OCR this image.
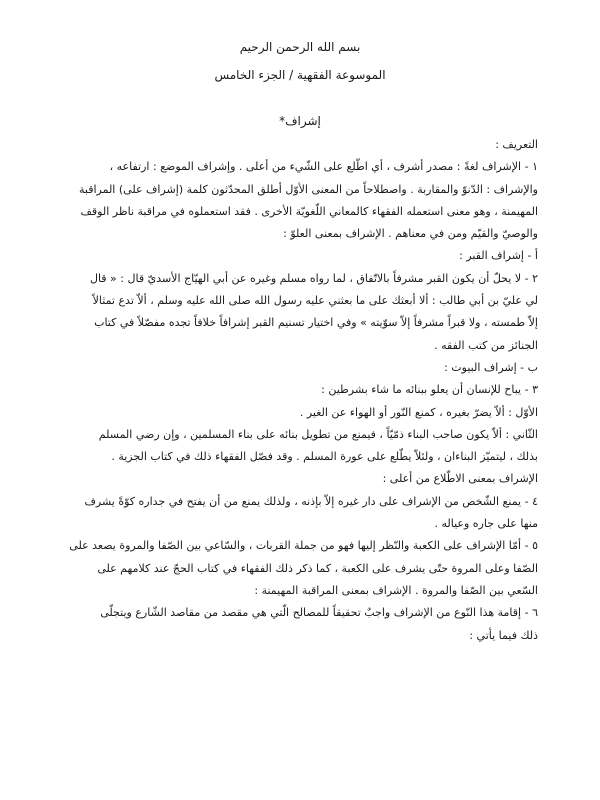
بسم الله الرحمن الرحيم
الموسوعة الفقهية / الجزء الخامس
إشراف*
التعريف :
١ - الإشراف لغةً : مصدر أشرف ، أي اطّلع على الشّيء من أعلى . وإشراف الموضع : ارتفاعه ،
والإشراف : الدّنوّ والمقاربة . واصطلاحاً من المعنى الأوّل أطلق المحدّثون كلمة (إشراف على) المراقبة
المهيمنة ، وهو معنى استعمله الفقهاء كالمعاني اللّغويّة الأخرى . فقد استعملوه في مراقبة ناظر الوقف
والوصيّ والقيّم ومن في معناهم . الإشراف بمعنى العلوّ :
أ - إشراف القبر :
٢ - لا يحلّ أن يكون القبر مشرفاً بالاتّفاق ، لما رواه مسلم وغيره عن أبي الهيّاج الأسديّ قال : « قال
لي عليّ بن أبي طالب : ألا أبعثك على ما بعثني عليه رسول الله صلى الله عليه وسلم ، ألاّ تدع تمثالاً
إلاّ طمسته ، ولا قبراً مشرفاً إلاّ سوّيته » وفي اختيار تسنيم القبر إشرافاً خلافاً تجده مفصّلاً في كتاب
الجنائز من كتب الفقه .
ب - إشراف البيوت :
٣ - يباح للإنسان أن يعلو ببنائه ما شاء بشرطين :
الأوّل : ألاّ يضرّ بغيره ، كمنع النّور أو الهواء عن الغير .
الثّاني : ألاّ يكون صاحب البناء ذمّيّاً ، فيمنع من تطويل بنائه على بناء المسلمين ، وإن رضي المسلم
بذلك ، ليتميّز البناءان ، ولئلاّ يطّلع على عورة المسلم . وقد فصّل الفقهاء ذلك في كتاب الجزية .
الإشراف بمعنى الاطّلاع من أعلى :
٤ - يمنع الشّخص من الإشراف على دار غيره إلاّ بإذنه ، ولذلك يمنع من أن يفتح في جداره كوّةً يشرف
منها على جاره وعياله .
٥ - أمّا الإشراف على الكعبة والنّظر إليها فهو من جملة القربات ، والسّاعي بين الصّفا والمروة يصعد على
الصّفا وعلى المروة حتّى يشرف على الكعبة ، كما ذكر ذلك الفقهاء في كتاب الحجّ عند كلامهم على
السّعي بين الصّفا والمروة . الإشراف بمعنى المراقبة المهيمنة :
٦ - إقامة هذا النّوع من الإشراف واجبٌ تحقيقاً للمصالح الّتي هي مقصد من مقاصد الشّارع ويتجلّى
ذلك فيما يأتي :
